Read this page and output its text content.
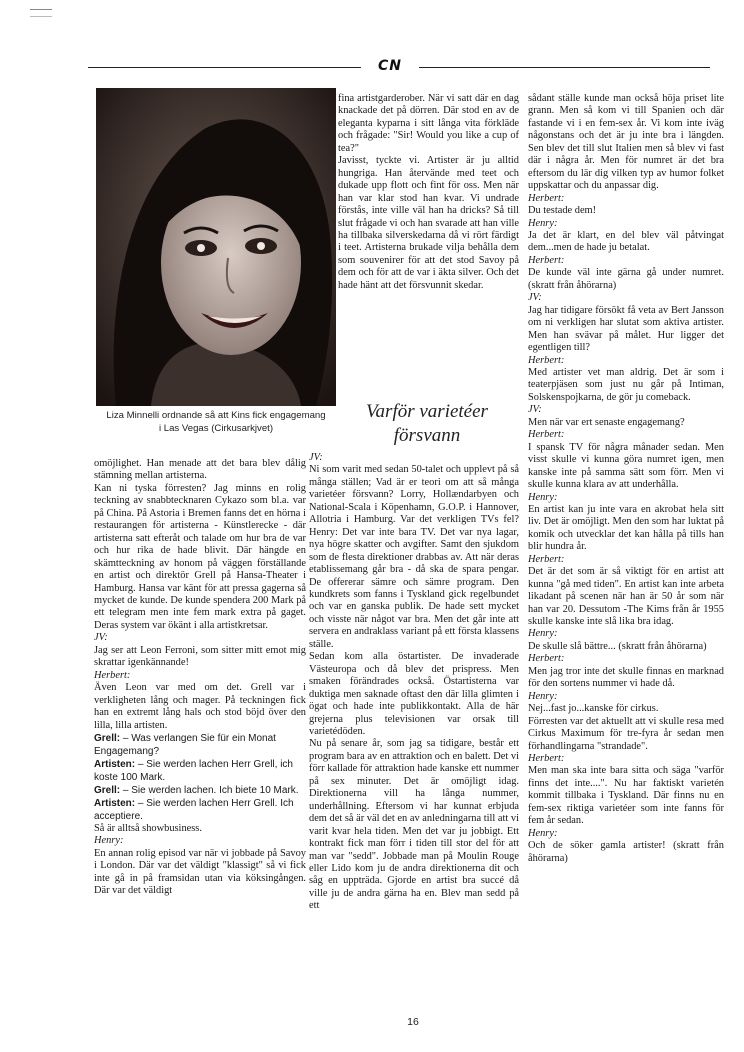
CN
Liza Minnelli ordnande så att Kins fick engagemang
i Las Vegas (Cirkusarkjvet)

fina artistgarderober. När vi satt där en dag knackade det på dörren. Där stod en av de eleganta kyparna i sitt långa vita förkläde och frågade: "Sir! Would you like a cup of tea?"

Javisst, tyckte vi. Artister är ju alltid hungriga. Han återvände med teet och dukade upp flott och fint för oss. Men när han var klar stod han kvar. Vi undrade förstås, inte ville väl han ha dricks? Så till slut frågade vi och han svarade att han ville ha tillbaka silverskedarna då vi rört färdigt i teet. Artisterna brukade vilja behålla dem som souvenirer för att det stod Savoy på dem och för att de var i äkta silver. Och det hade hänt att det försvunnit skedar.

Varför varietéer
försvann

omöjlighet. Han menade att det bara blev dålig stämning mellan artisterna.

Kan ni tyska förresten? Jag minns en rolig teckning av snabbtecknaren Cykazo som bl.a. var på China. På Astoria i Bremen fanns det en hörna i restaurangen för artisterna - Künstlerecke - där artisterna satt efteråt och talade om hur bra de var och hur rika de hade blivit. Där hängde en skämtteckning av honom på väggen förställande en artist och direktör Grell på Hansa-Theater i Hamburg. Hansa var känt för att pressa gagerna så mycket de kunde. De kunde spendera 200 Mark på ett telegram men inte fem mark extra på gaget. Deras system var ökänt i alla artistkretsar.

JV:

Jag ser att Leon Ferroni, som sitter mitt emot mig skrattar igenkännande!

Herbert:

Även Leon var med om det. Grell var i verkligheten lång och mager. På teckningen fick han en extremt lång hals och stod böjd över den lilla, lilla artisten.

Grell: – Was verlangen Sie für ein Monat Engagemang?

Artisten: – Sie werden lachen Herr Grell, ich koste 100 Mark.

Grell: – Sie werden lachen. Ich biete 10 Mark.

Artisten: – Sie werden lachen Herr Grell. Ich acceptiere.

Så är alltså showbusiness.

Henry:

En annan rolig episod var när vi jobbade på Savoy i London. Där var det väldigt "klassigt" så vi fick inte gå in på framsidan utan via köksingången. Där var det väldigt

JV:

Ni som varit med sedan 50-talet och upplevt på så många ställen; Vad är er teori om att så många varietéer försvann? Lorry, Hollændarbyen och National-Scala i Köpenhamn, G.O.P. i Hannover, Allotria i Hamburg. Var det verkligen TVs fel?Henry: Det var inte bara TV. Det var nya lagar, nya högre skatter och avgifter. Samt den sjukdom som de flesta direktioner drabbas av. Att när deras etablissemang går bra - då ska de spara pengar. De offererar sämre och sämre program. Den kundkrets som fanns i Tyskland gick regelbundet och var en ganska publik. De hade sett mycket och visste när något var bra. Men det går inte att servera en andraklass variant på ett första klassens ställe.

Sedan kom alla östartister. De invaderade Västeuropa och då blev det prispress. Men smaken förändrades också. Östartisterna var duktiga men saknade oftast den där lilla glimten i ögat och hade inte publikkontakt. Alla de här grejerna plus televisionen var orsak till varietédöden.

Nu på senare år, som jag sa tidigare, består ett program bara av en attraktion och en balett. Det vi förr kallade för attraktion hade kanske ett nummer på sex minuter. Det är omöjligt idag. Direktionerna vill ha långa nummer, underhållning. Eftersom vi har kunnat erbjuda dem det så är väl det en av anledningarna till att vi varit kvar hela tiden. Men det var ju jobbigt. Ett kontrakt fick man förr i tiden till stor del för att man var "sedd". Jobbade man på Moulin Rouge eller Lido kom ju de andra direktionerna dit och såg en uppträda. Gjorde en artist bra succé då ville ju de andra gärna ha en. Blev man sedd på ett

sådant ställe kunde man också höja priset lite grann. Men så kom vi till Spanien och där fastande vi i en fem-sex år. Vi kom inte iväg någonstans och det är ju inte bra i längden. Sen blev det till slut Italien men så blev vi fast där i några år. Men för numret är det bra eftersom du lär dig vilken typ av humor folket uppskattar och du anpassar dig.

Herbert:

Du testade dem!

Henry:

Ja det är klart, en del blev väl påtvingat dem...men de hade ju betalat.

Herbert:

De kunde väl inte gärna gå under numret. (skratt från åhörarna)

JV:

Jag har tidigare försökt få veta av Bert Jansson om ni verkligen har slutat som aktiva artister. Men han svävar på målet. Hur ligger det egentligen till?

Herbert:

Med artister vet man aldrig. Det är som i teaterpjäsen som just nu går på Intiman, Solskenspojkarna, de gör ju comeback.

JV:

Men när var ert senaste engagemang?

Herbert:

I spansk TV för några månader sedan. Men visst skulle vi kunna göra numret igen, men kanske inte på samma sätt som förr. Men vi skulle kunna klara av att underhålla.

Henry:

En artist kan ju inte vara en akrobat hela sitt liv. Det är omöjligt. Men den som har luktat på komik och utvecklar det kan hålla på tills han blir hundra år.

Herbert:

Det är det som är så viktigt för en artist att kunna "gå med tiden". En artist kan inte arbeta likadant på scenen när han är 50 år som när han var 20. Dessutom -The Kims från år 1955 skulle kanske inte slå lika bra idag.

Henry:

De skulle slå bättre... (skratt från åhörarna)

Herbert:

Men jag tror inte det skulle finnas en marknad för den sortens nummer vi hade då.

Henry:

Nej...fast jo...kanske för cirkus.

Förresten var det aktuellt att vi skulle resa med Cirkus Maximum för tre-fyra år sedan men förhandlingarna "strandade".

Herbert:

Men man ska inte bara sitta och säga "varför finns det inte....". Nu har faktiskt varietén kommit tillbaka i Tyskland. Där finns nu en fem-sex riktiga varietéer som inte fanns för fem år sedan.

Henry:

Och de söker gamla artister! (skratt från åhörarna)

16
